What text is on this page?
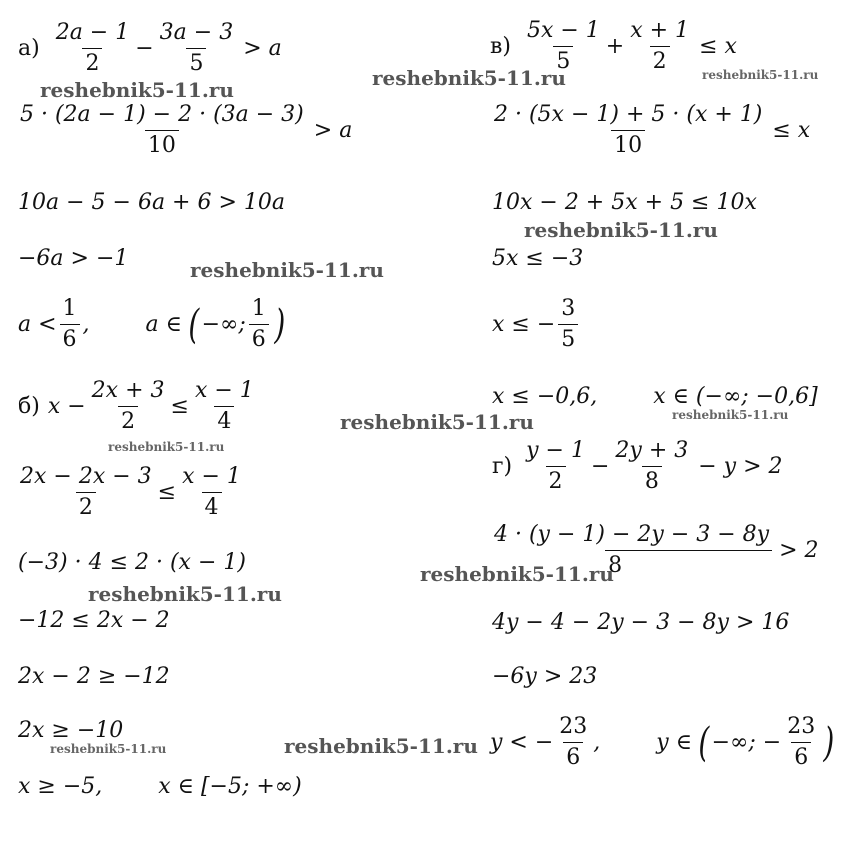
$а) \frac{2a - 1}{2} - \frac{3a - 3}{5} > a$
$\frac{5 \cdot (2a - 1) - 2 \cdot (3a - 3)}{10} > a$
10a − 5 − 6a + 6 > 10a
−6a > −1
$a < \frac{1}{6}$ ,	a ∈ ( −∞; $\frac{1}{6}$ )
б) $x - \frac{2x + 3}{2} \le \frac{x - 1}{4}$
$\frac{2x - 2x - 3}{2} \le \frac{x - 1}{4}$
(−3) · 4 ≤ 2 · (x − 1)
−12 ≤ 2x − 2
2x − 2 ≥ −12
2x ≥ −10
x ≥ −5,	x ∈ [−5; +∞)
$в) \frac{5x - 1}{5} + \frac{x + 1}{2} \le x$
$\frac{2 \cdot (5x - 1) + 5 \cdot (x + 1)}{10} \le x$
10x − 2 + 5x + 5 ≤ 10x
5x ≤ −3
x ≤ − $\frac{3}{5}$
x ≤ −0,6,	x ∈ (−∞; −0,6]
$г) \frac{y - 1}{2} - \frac{2y + 3}{8} - y > 2$
$\frac{4 \cdot (y - 1) - 2y - 3 - 8y}{8} > 2$
4y − 4 − 2y − 3 − 8y > 16
−6y > 23
y < − $\frac{23}{6}$ ,	y ∈ ( −∞; − $\frac{23}{6}$ )
reshebnik5-11.ru	reshebnik5-11.ru	reshebnik5-11.ru
reshebnik5-11.ru
reshebnik5-11.ru
reshebnik5-11.ru	reshebnik5-11.ru
reshebnik5-11.ru
reshebnik5-11.ru
reshebnik5-11.ru
reshebnik5-11.ru	reshebnik5-11.ru
